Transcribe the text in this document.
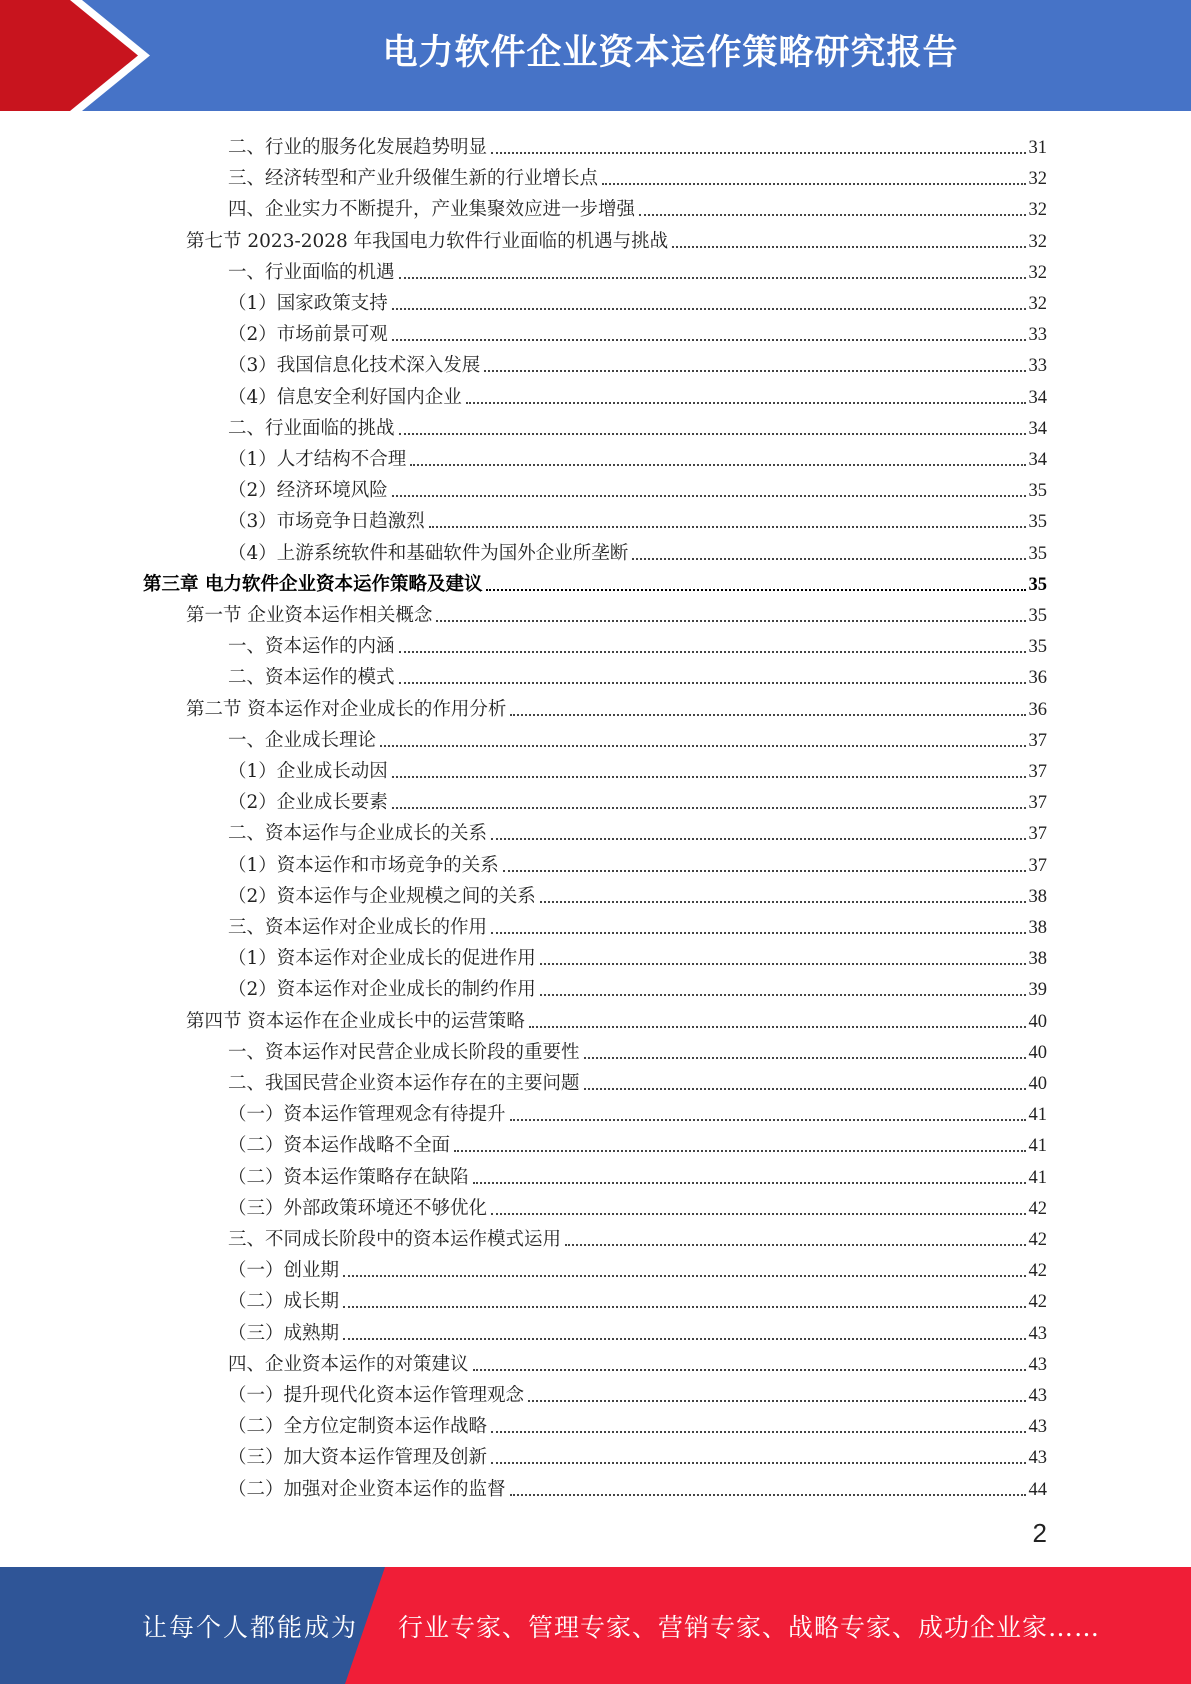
电力软件企业资本运作策略研究报告
二、行业的服务化发展趋势明显	31
三、经济转型和产业升级催生新的行业增长点	32
四、企业实力不断提升，产业集聚效应进一步增强	32
第七节 2023-2028 年我国电力软件行业面临的机遇与挑战	32
一、行业面临的机遇	32
（1）国家政策支持	32
（2）市场前景可观	33
（3）我国信息化技术深入发展	33
（4）信息安全利好国内企业	34
二、行业面临的挑战	34
（1）人才结构不合理	34
（2）经济环境风险	35
（3）市场竞争日趋激烈	35
（4）上游系统软件和基础软件为国外企业所垄断	35
第三章 电力软件企业资本运作策略及建议	35
第一节 企业资本运作相关概念	35
一、资本运作的内涵	35
二、资本运作的模式	36
第二节 资本运作对企业成长的作用分析	36
一、企业成长理论	37
（1）企业成长动因	37
（2）企业成长要素	37
二、资本运作与企业成长的关系	37
（1）资本运作和市场竞争的关系	37
（2）资本运作与企业规模之间的关系	38
三、资本运作对企业成长的作用	38
（1）资本运作对企业成长的促进作用	38
（2）资本运作对企业成长的制约作用	39
第四节 资本运作在企业成长中的运营策略	40
一、资本运作对民营企业成长阶段的重要性	40
二、我国民营企业资本运作存在的主要问题	40
（一）资本运作管理观念有待提升	41
（二）资本运作战略不全面	41
（二）资本运作策略存在缺陷	41
（三）外部政策环境还不够优化	42
三、不同成长阶段中的资本运作模式运用	42
（一）创业期	42
（二）成长期	42
（三）成熟期	43
四、企业资本运作的对策建议	43
（一）提升现代化资本运作管理观念	43
（二）全方位定制资本运作战略	43
（三）加大资本运作管理及创新	43
（二）加强对企业资本运作的监督	44
2
让每个人都能成为 行业专家、管理专家、营销专家、战略专家、成功企业家……
